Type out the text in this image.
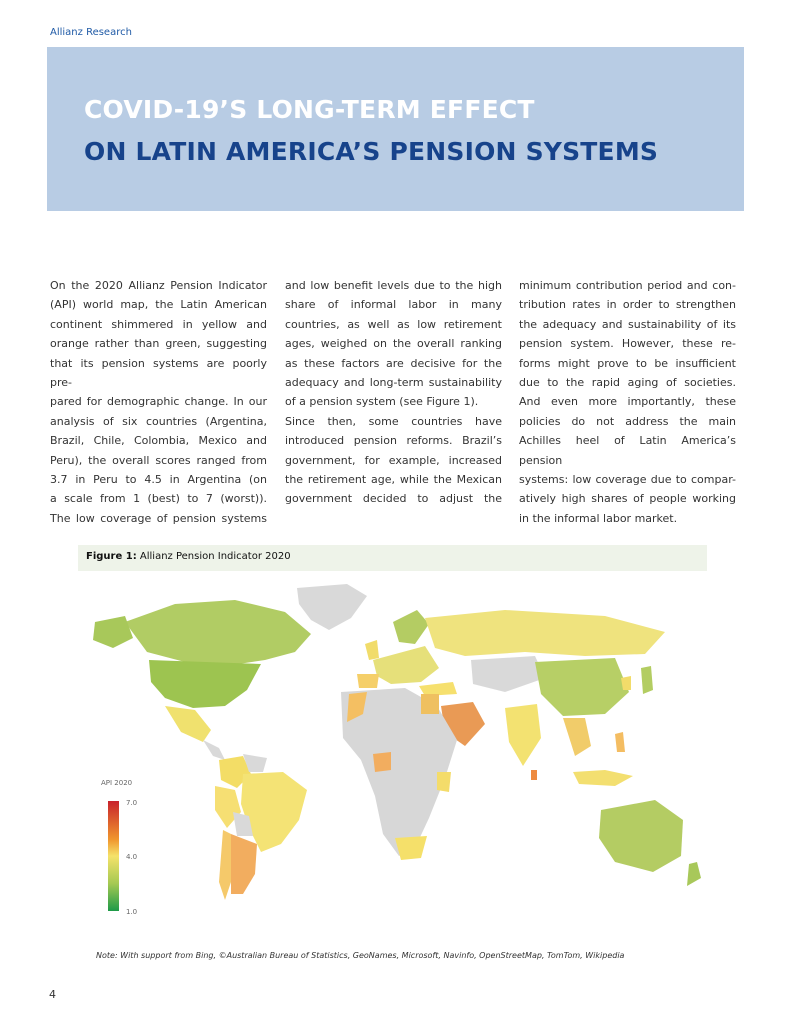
Allianz Research
COVID-19’S LONG-TERM EFFECT
ON LATIN AMERICA’S PENSION SYSTEMS

On the 2020 Allianz Pension Indicator

(API) world map, the Latin American

continent shimmered in yellow and

orange rather than green, suggesting

that its pension systems are poorly pre-

pared for demographic change. In our

analysis of six countries (Argentina,

Brazil, Chile, Colombia, Mexico and

Peru), the overall scores ranged from

3.7 in Peru to 4.5 in Argentina (on

a scale from 1 (best) to 7 (worst)).

The low coverage of pension systems

and low benefit levels due to the high

share of informal labor in many

countries, as well as low retirement

ages, weighed on the overall ranking

as these factors are decisive for the

adequacy and long-term sustainability

of a pension system (see Figure 1).

Since then, some countries have

introduced pension reforms. Brazil’s

government, for example, increased

the retirement age, while the Mexican

government decided to adjust the

minimum contribution period and con-

tribution rates in order to strengthen

the adequacy and sustainability of its

pension system. However, these re-

forms might prove to be insufficient

due to the rapid aging of societies.

And even more importantly, these

policies do not address the main

Achilles heel of Latin America’s pension

systems: low coverage due to compar-

atively high shares of people working

in the informal labor market.

Figure 1: Allianz Pension Indicator 2020
API 2020
7.0
4.0
1.0
Note: With support from Bing, ©Australian Bureau of Statistics, GeoNames, Microsoft, Navinfo, OpenStreetMap, TomTom, Wikipedia
4
